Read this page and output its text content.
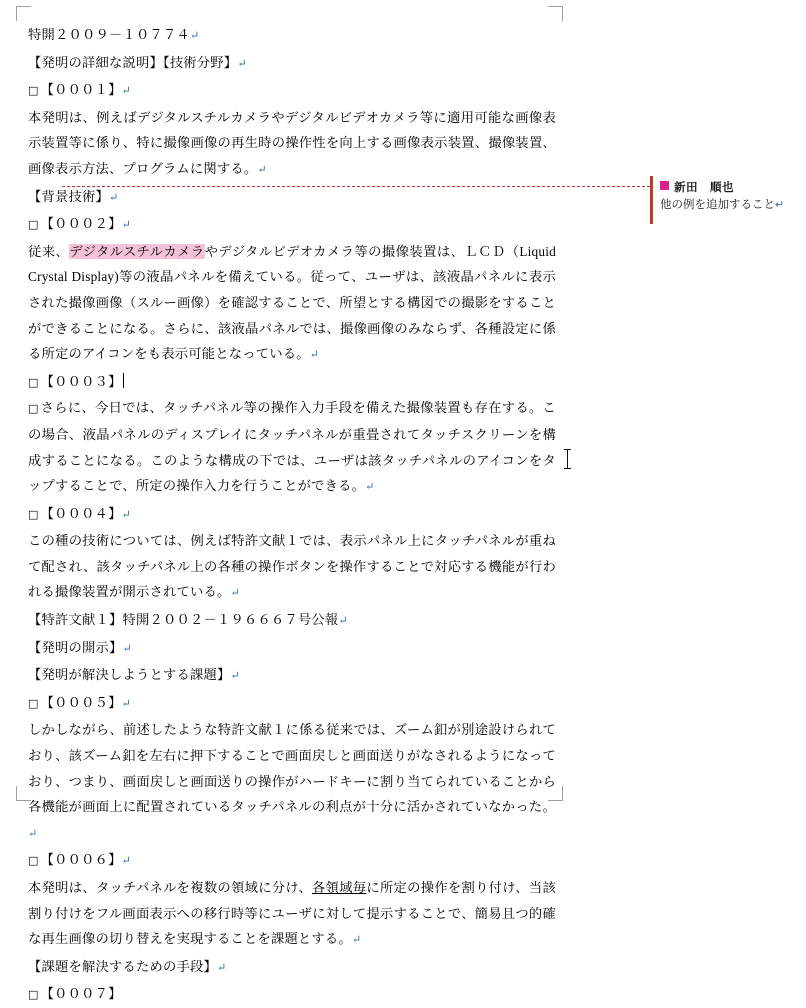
特開２００９－１０７７４↵

【発明の詳細な説明】【技術分野】↵

□ 【０００１】↵

本発明は、例えばデジタルスチルカメラやデジタルビデオカメラ等に適用可能な画像表示装置等に係り、特に撮像画像の再生時の操作性を向上する画像表示装置、撮像装置、画像表示方法、プログラムに関する。↵

【背景技術】↵

□ 【０００２】↵

従来、デジタルスチルカメラやデジタルビデオカメラ等の撮像装置は、ＬＣＤ（Liquid Crystal Display)等の液晶パネルを備えている。従って、ユーザは、該液晶パネルに表示された撮像画像（スルー画像）を確認することで、所望とする構図での撮影をすることができることになる。さらに、該液晶パネルでは、撮像画像のみならず、各種設定に係る所定のアイコンをも表示可能となっている。↵

□ 【０００３】

□ さらに、今日では、タッチパネル等の操作入力手段を備えた撮像装置も存在する。この場合、液晶パネルのディスプレイにタッチパネルが重畳されてタッチスクリーンを構成することになる。このような構成の下では、ユーザは該タッチパネルのアイコンをタップすることで、所定の操作入力を行うことができる。↵

□ 【０００４】↵

この種の技術については、例えば特許文献１では、表示パネル上にタッチパネルが重ねて配され、該タッチパネル上の各種の操作ボタンを操作することで対応する機能が行われる撮像装置が開示されている。↵

【特許文献１】特開２００２－１９６６６７号公報↵

【発明の開示】↵

【発明が解決しようとする課題】↵

□ 【０００５】↵

しかしながら、前述したような特許文献１に係る従来では、ズーム釦が別途設けられており、該ズーム釦を左右に押下することで画面戻しと画面送りがなされるようになっており、つまり、画面戻しと画面送りの操作がハードキーに割り当てられていることから各機能が画面上に配置されているタッチパネルの利点が十分に活かされていなかった。↵

□ 【０００６】↵

本発明は、タッチパネルを複数の領域に分け、各領域毎に所定の操作を割り付け、当該割り付けをフル画面表示への移行時等にユーザに対して提示することで、簡易且つ的確な再生画像の切り替えを実現することを課題とする。↵

【課題を解決するための手段】↵

□ 【０００７】

新田　順也
他の例を追加すること↵
